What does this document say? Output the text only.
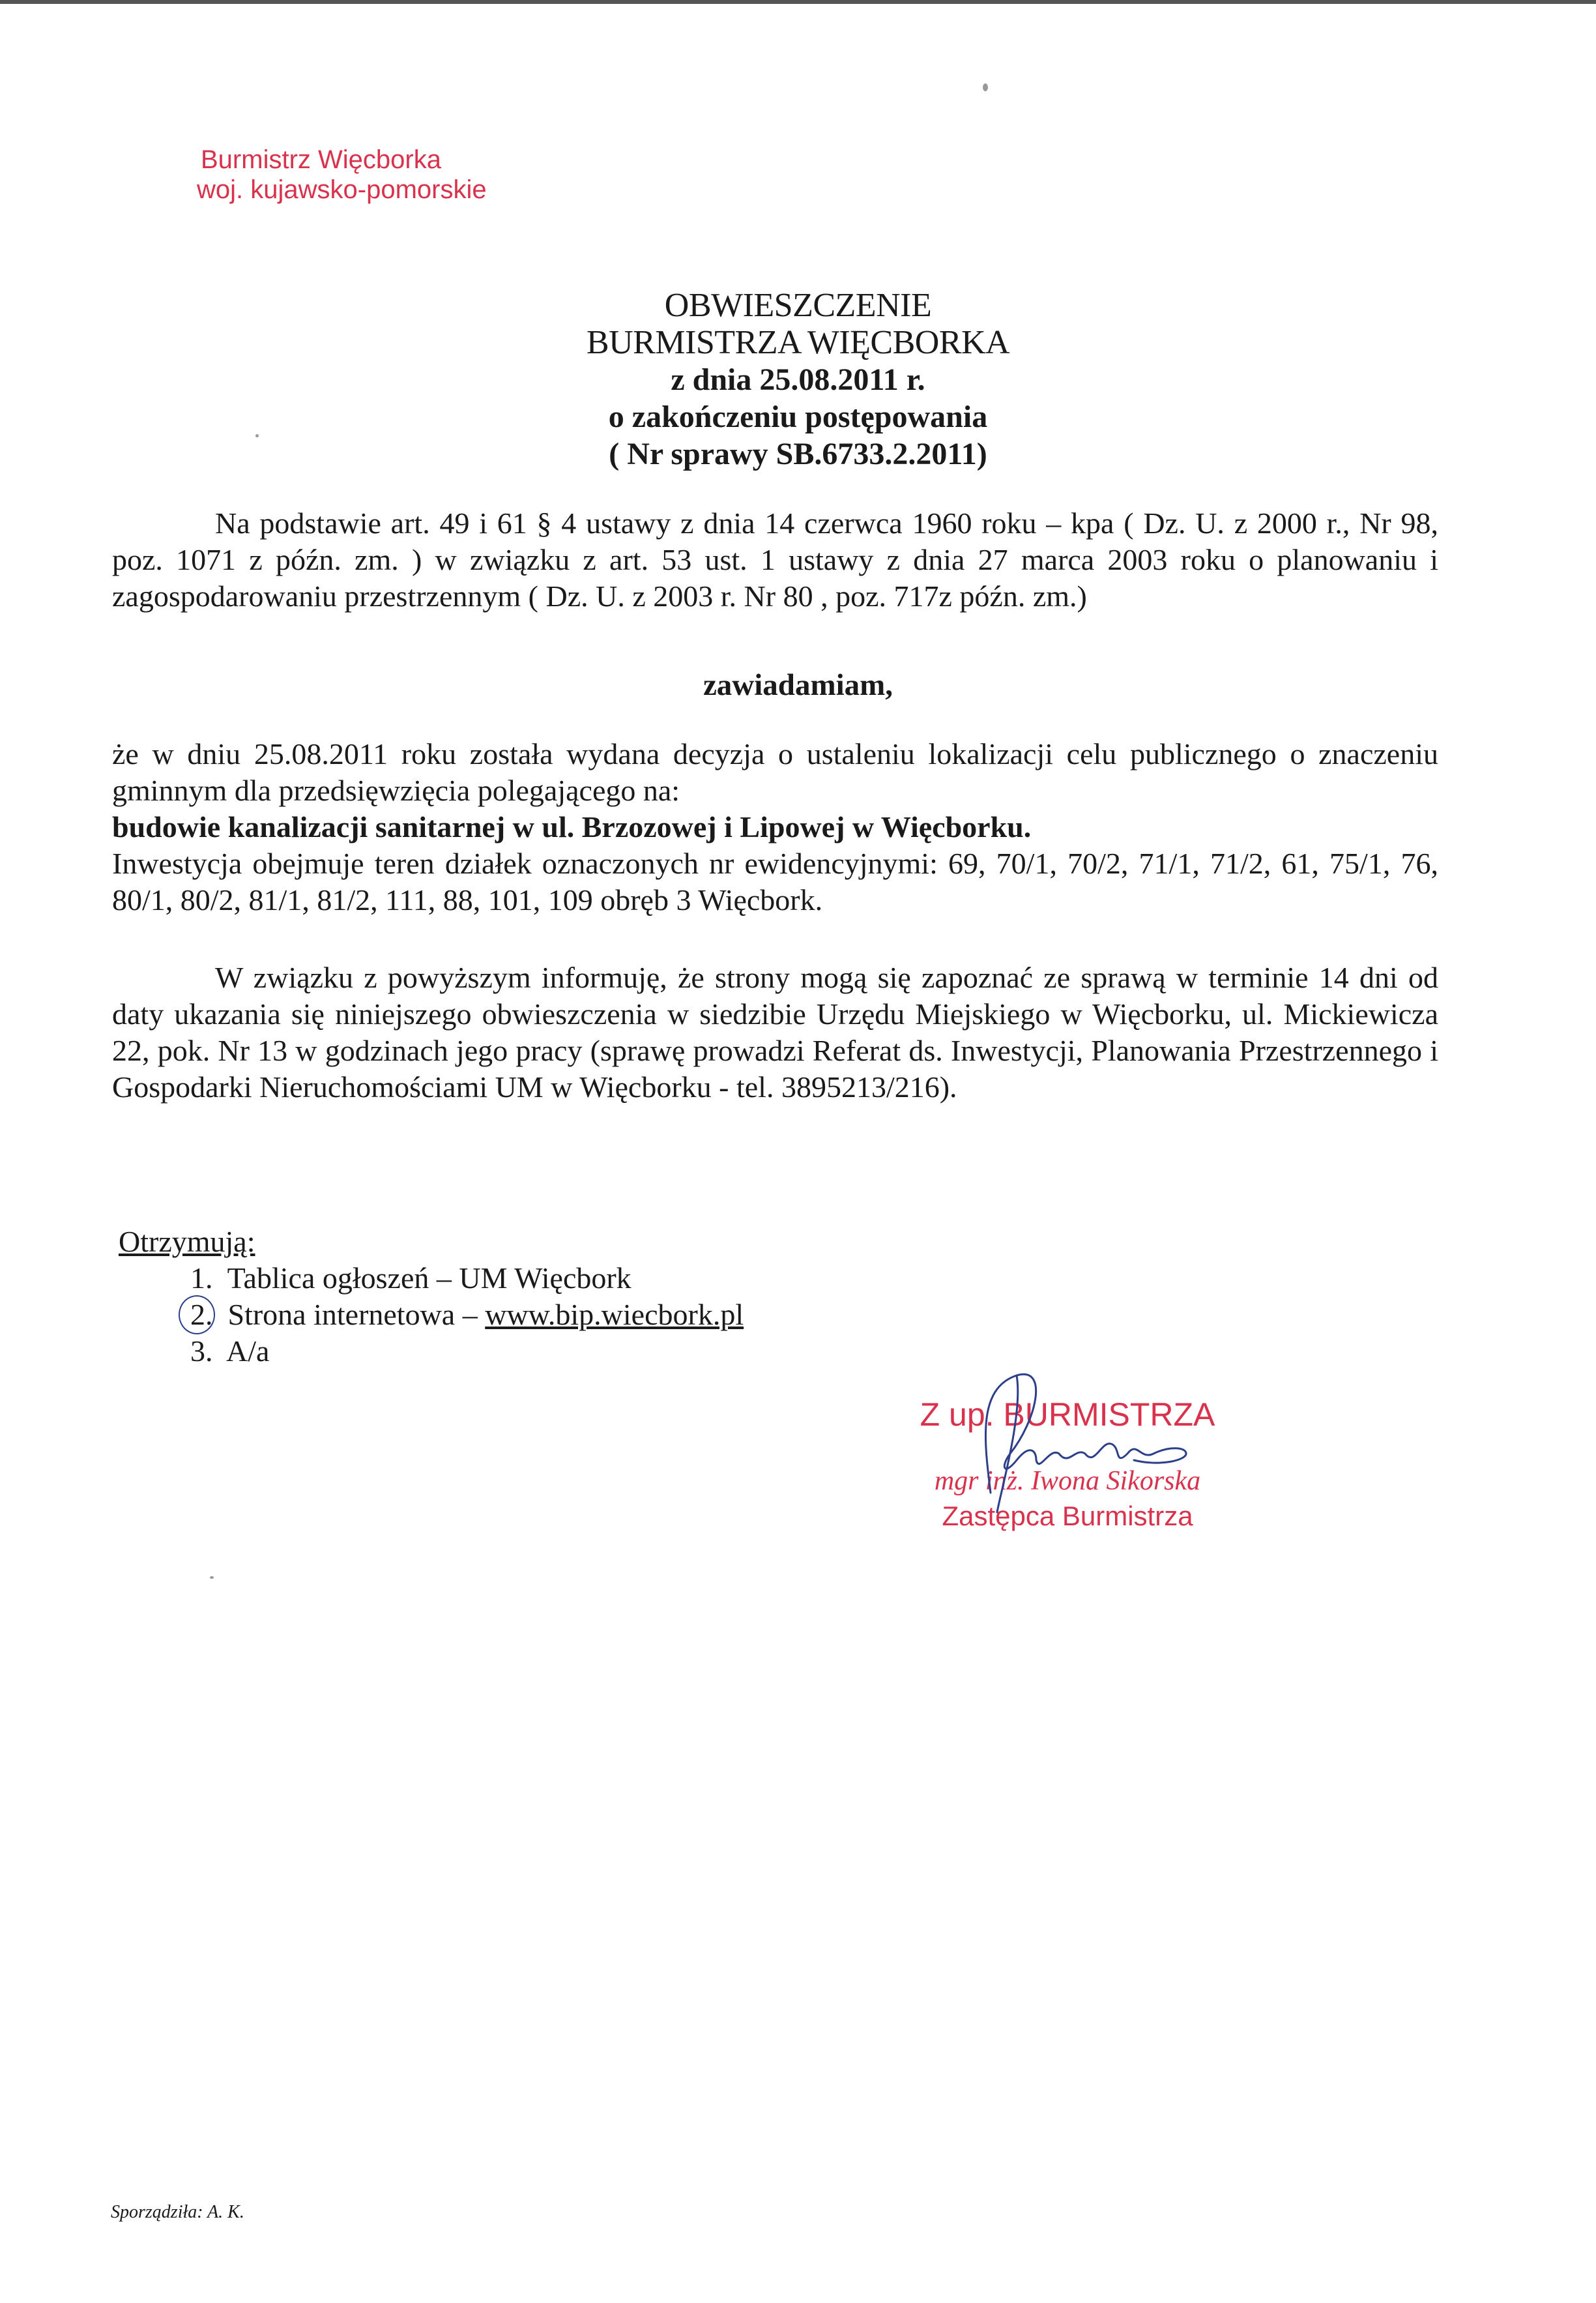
Burmistrz Więcborka
woj. kujawsko-pomorskie
OBWIESZCZENIE
BURMISTRZA WIĘCBORKA
z dnia 25.08.2011 r.
o zakończeniu postępowania
( Nr sprawy SB.6733.2.2011)
Na podstawie art. 49 i 61 § 4 ustawy z dnia 14 czerwca 1960 roku – kpa ( Dz. U. z 2000 r., Nr 98, poz. 1071 z późn. zm. ) w związku z art. 53 ust. 1 ustawy z dnia 27 marca 2003 roku o planowaniu i zagospodarowaniu przestrzennym ( Dz. U. z 2003 r. Nr 80 , poz. 717z późn. zm.)
zawiadamiam,
że w dniu 25.08.2011 roku została wydana decyzja o ustaleniu lokalizacji celu publicznego o znaczeniu gminnym dla przedsięwzięcia polegającego na:
budowie kanalizacji sanitarnej w ul. Brzozowej i Lipowej w Więcborku.
Inwestycja obejmuje teren działek oznaczonych nr ewidencyjnymi: 69, 70/1, 70/2, 71/1, 71/2, 61, 75/1, 76, 80/1, 80/2, 81/1, 81/2, 111, 88, 101, 109 obręb 3 Więcbork.
W związku z powyższym informuję, że strony mogą się zapoznać ze sprawą w terminie 14 dni od daty ukazania się niniejszego obwieszczenia w siedzibie Urzędu Miejskiego w Więcborku, ul. Mickiewicza 22, pok. Nr 13 w godzinach jego pracy (sprawę prowadzi Referat ds. Inwestycji, Planowania Przestrzennego i Gospodarki Nieruchomościami UM w Więcborku - tel. 3895213/216).
Otrzymują:
1. Tablica ogłoszeń – UM Więcbork
2. Strona internetowa – www.bip.wiecbork.pl
3. A/a
Z up. BURMISTRZA
mgr inż. Iwona Sikorska
Zastępca Burmistrza
Sporządziła: A. K.
